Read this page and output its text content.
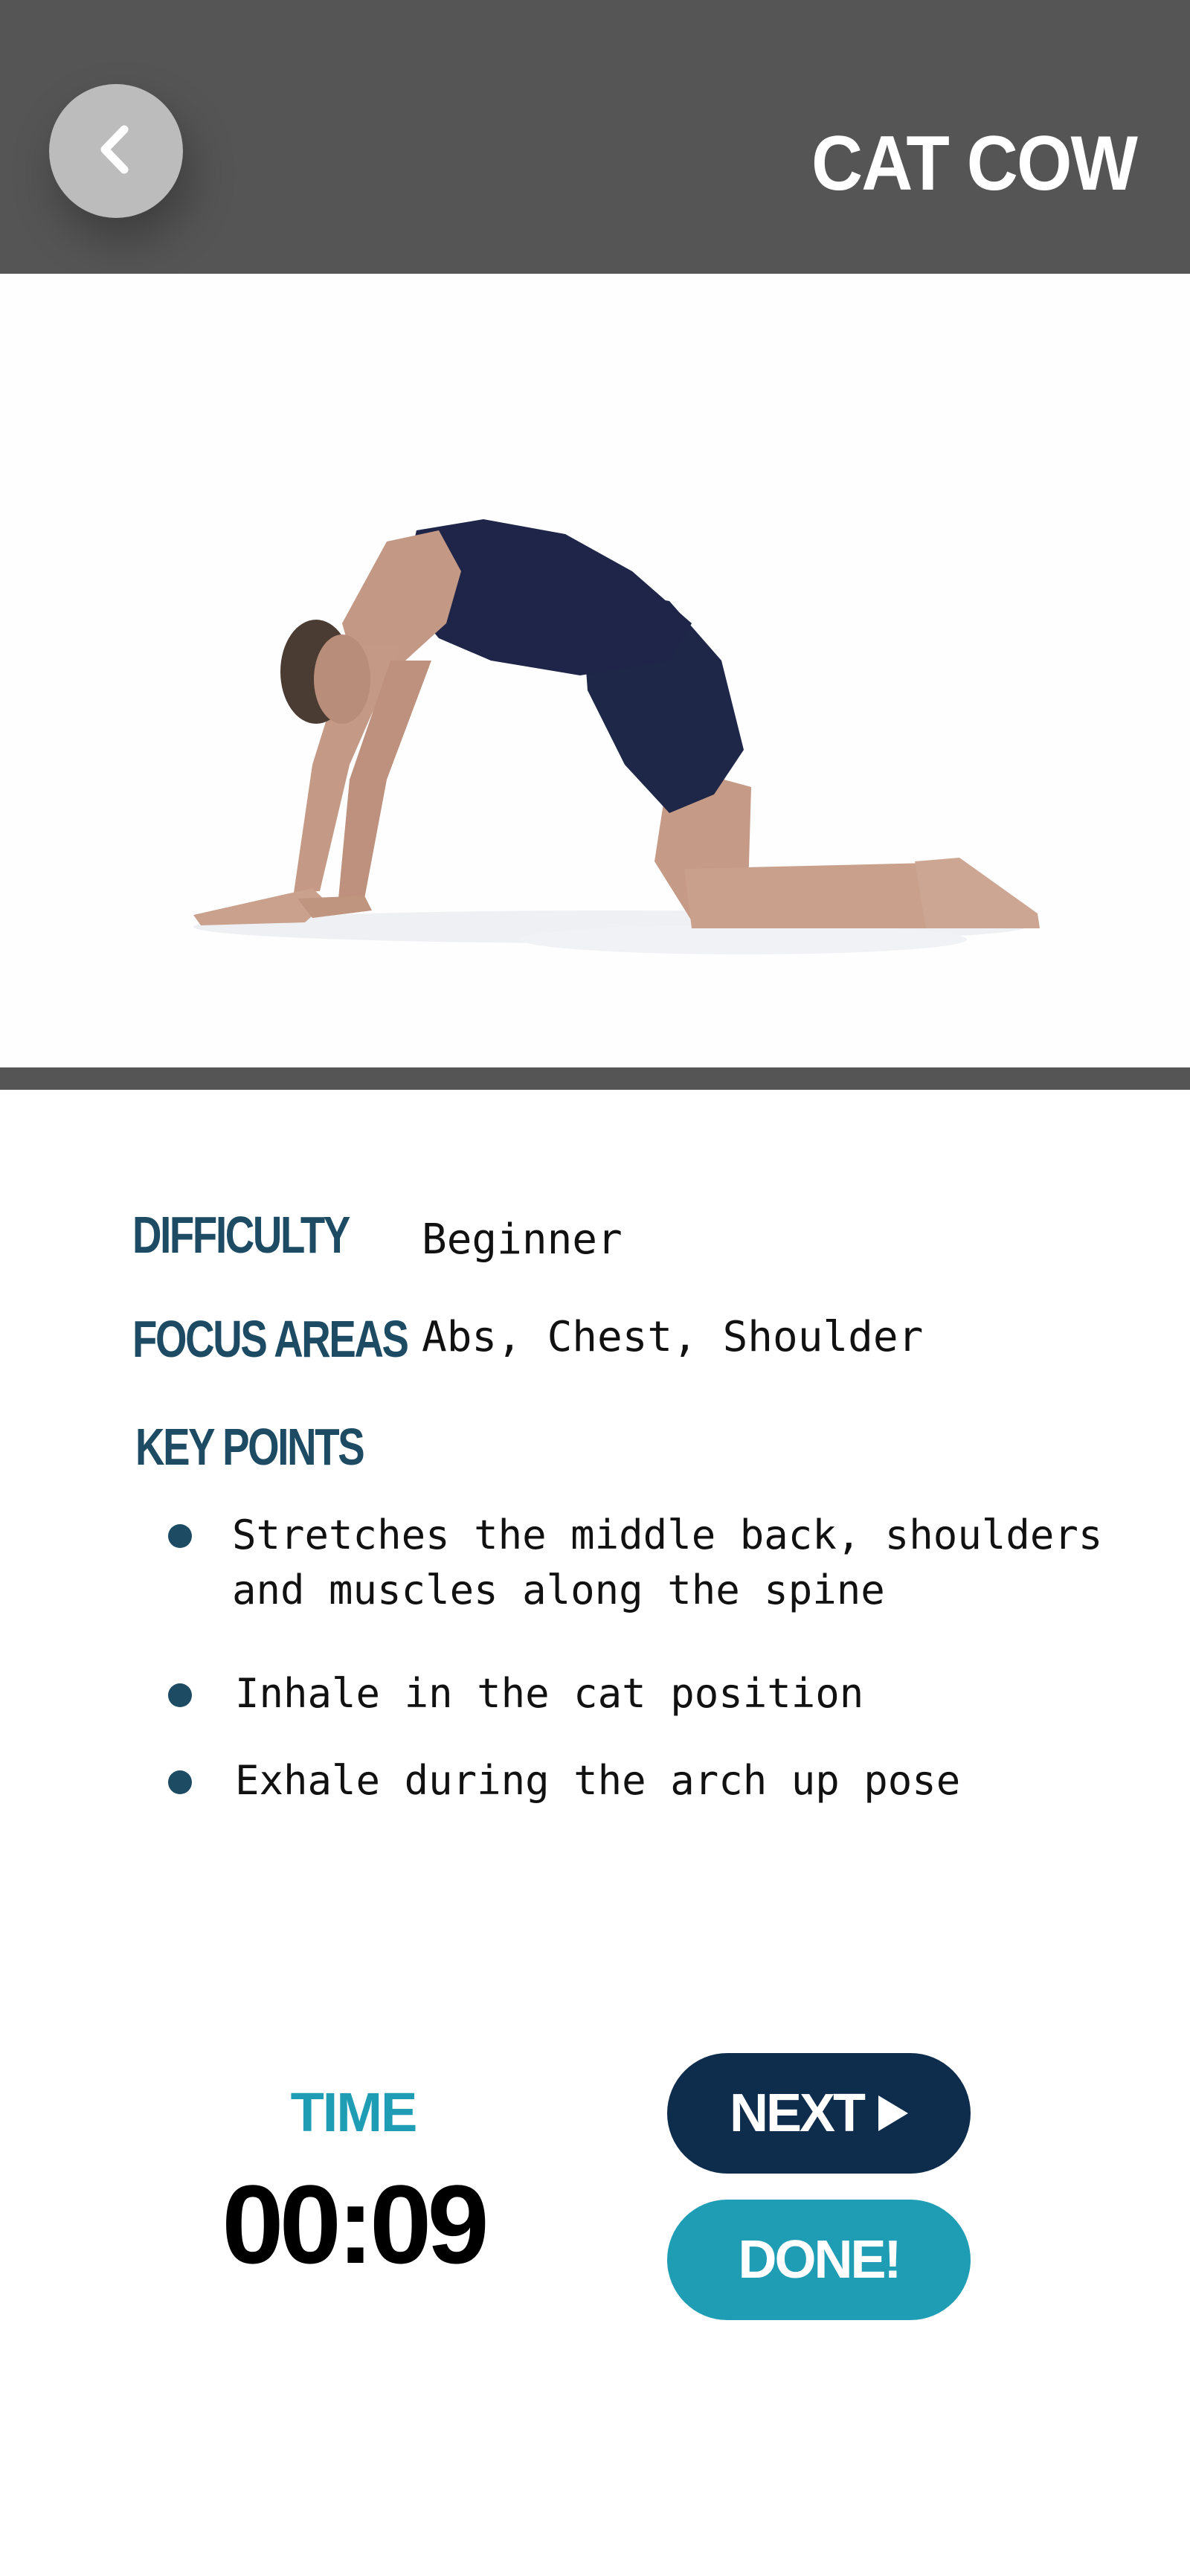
CAT COW
DIFFICULTY Beginner
FOCUS AREAS Abs, Chest, Shoulder
KEY POINTS
Stretches the middle back, shoulders
and muscles along the spine
Inhale in the cat position
Exhale during the arch up pose
TIME
00:09
NEXT
DONE!
